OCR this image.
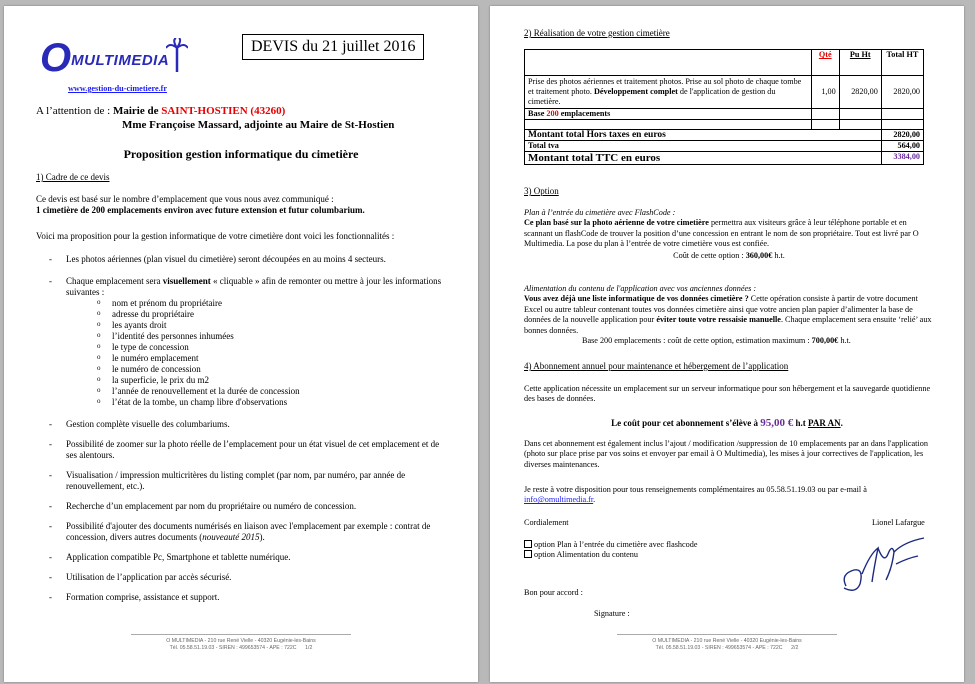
OMULTIMEDIA
www.gestion-du-cimetiere.fr
DEVIS du 21 juillet 2016
A l’attention de : Mairie de SAINT-HOSTIEN (43260)
Mme Françoise Massard, adjointe au Maire de St-Hostien
Proposition gestion informatique du cimetière
1) Cadre de ce devis
Ce devis est basé sur le nombre d’emplacement que vous nous avez communiqué :
1 cimetière de 200 emplacements environ avec future extension et futur columbarium.
Voici ma proposition pour la gestion informatique de votre cimetière dont voici les fonctionnalités :
- Les photos aériennes (plan visuel du cimetière) seront découpées en au moins 4 secteurs.
- Chaque emplacement sera visuellement « cliquable » afin de remonter ou mettre à jour les informations suivantes :
o nom et prénom du propriétaire
o adresse du propriétaire
o les ayants droit
o l’identité des personnes inhumées
o le type de concession
o le numéro emplacement
o le numéro de concession
o la superficie, le prix du m2
o l’année de renouvellement et la durée de concession
o l’état de la tombe, un champ libre d'observations
- Gestion complète visuelle des columbariums.
- Possibilité de zoomer sur la photo réelle de l’emplacement pour un état visuel de cet emplacement et de ses alentours.
- Visualisation / impression multicritères du listing complet (par nom, par numéro, par année de renouvellement, etc.).
- Recherche d’un emplacement par nom du propriétaire ou numéro de concession.
- Possibilité d'ajouter des documents numérisés en liaison avec l'emplacement par exemple : contrat de concession, divers autres documents (nouveauté 2015).
- Application compatible Pc, Smartphone et tablette numérique.
- Utilisation de l’application par accès sécurisé.
- Formation comprise, assistance et support.
O MULTIMEDIA - 210 rue René Vielle - 40320 Eugénie-les-Bains
Tél. 05.58.51.19.03 - SIREN : 499653574 - APE : 722C 1/2
2) Réalisation de votre gestion cimetière
	Qté	Pu Ht	Total HT
Prise des photos aériennes et traitement photos. Prise au sol photo de chaque tombe et traitement photo. Développement complet de l'application de gestion du cimetière.	1,00	2820,00	2820,00
Base 200 emplacements			

Montant total Hors taxes en euros			2820,00
Total tva			564,00
Montant total TTC en euros			3384,00
3) Option
Plan à l’entrée du cimetière avec FlashCode :
Ce plan basé sur la photo aérienne de votre cimetière permettra aux visiteurs grâce à leur téléphone portable et en scannant un flashCode de trouver la position d’une concession en entrant le nom de son propriétaire. Tout est livré par O Multimedia. La pose du plan à l’entrée de votre cimetière vous est confiée.
Coût de cette option : 360,00€ h.t.
Alimentation du contenu de l'application avec vos anciennes données :
Vous avez déjà une liste informatique de vos données cimetière ? Cette opération consiste à partir de votre document Excel ou autre tableur contenant toutes vos données cimetière ainsi que votre ancien plan papier d’alimenter la base de données de la nouvelle application pour éviter toute votre ressaisie manuelle. Chaque emplacement sera ensuite ‘relié’ aux bonnes données.
Base 200 emplacements : coût de cette option, estimation maximum : 700,00€ h.t.
4) Abonnement annuel pour maintenance et hébergement de l’application
Cette application nécessite un emplacement sur un serveur informatique pour son hébergement et la sauvegarde quotidienne des bases de données.
Le coût pour cet abonnement s’élève à 95,00 € h.t PAR AN.
Dans cet abonnement est également inclus l’ajout / modification /suppression de 10 emplacements par an dans l'application (photo sur place prise par vos soins et envoyer par email à O Multimedia), les mises à jour correctives de l'application, les diverses maintenances.
Je reste à votre disposition pour tous renseignements complémentaires au 05.58.51.19.03 ou par e-mail à info@omultimedia.fr.
Cordialement	Lionel Lafargue
option Plan à l’entrée du cimetière avec flashcode
option Alimentation du contenu
Bon pour accord :
Signature :
O MULTIMEDIA - 210 rue René Vielle - 40320 Eugénie-les-Bains
Tél. 05.58.51.19.03 - SIREN : 499653574 - APE : 722C 2/2
